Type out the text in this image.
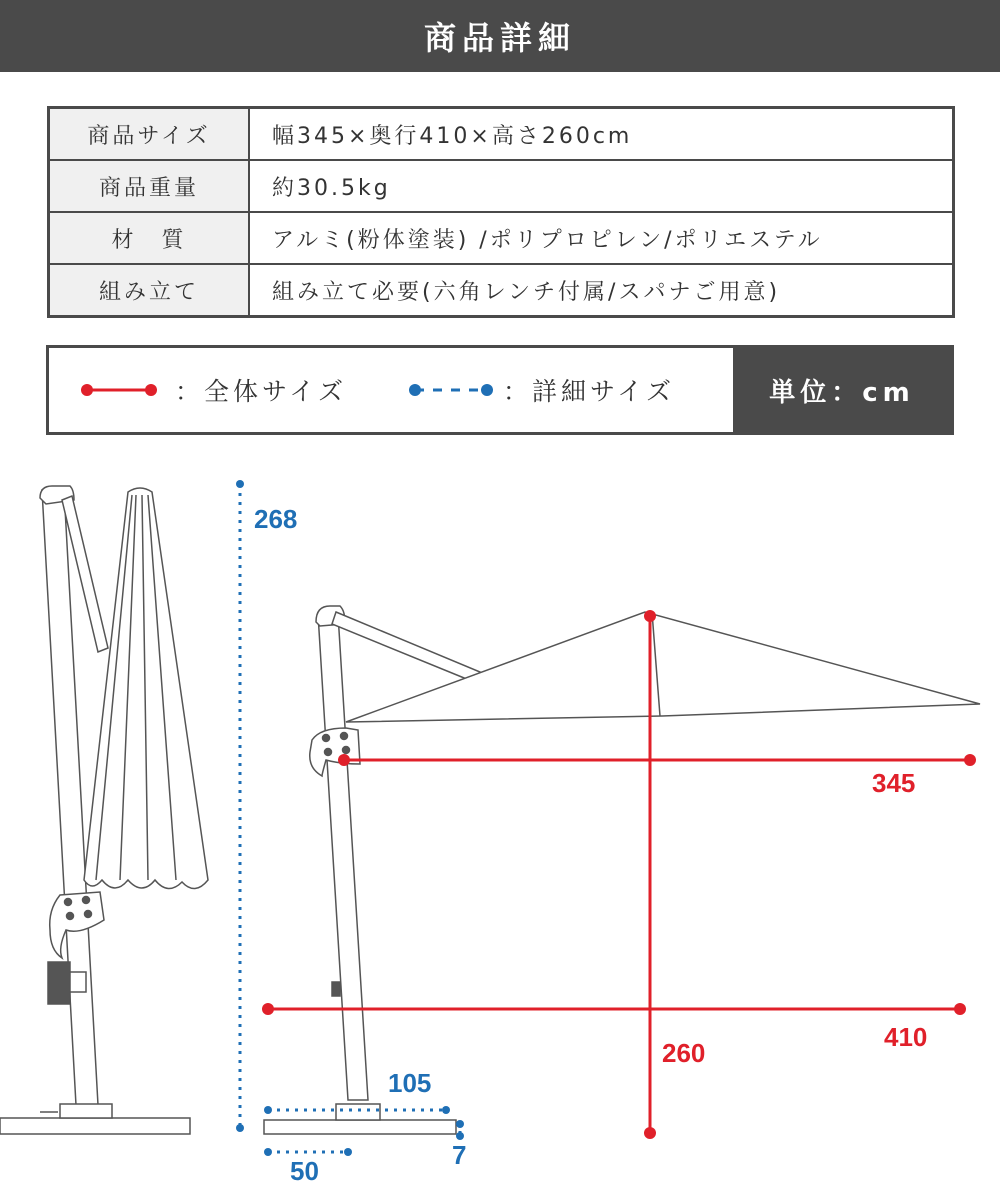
商品詳細
商品サイズ	幅345×奥行410×高さ260cm
商品重量	約30.5kg
材　質	アルミ(粉体塗装) /ポリプロピレン/ポリエステル
組み立て	組み立て必要(六角レンチ付属/スパナご用意)
：全体サイズ	：詳細サイズ	単位：cm
268
345
410
260
105
50
7
